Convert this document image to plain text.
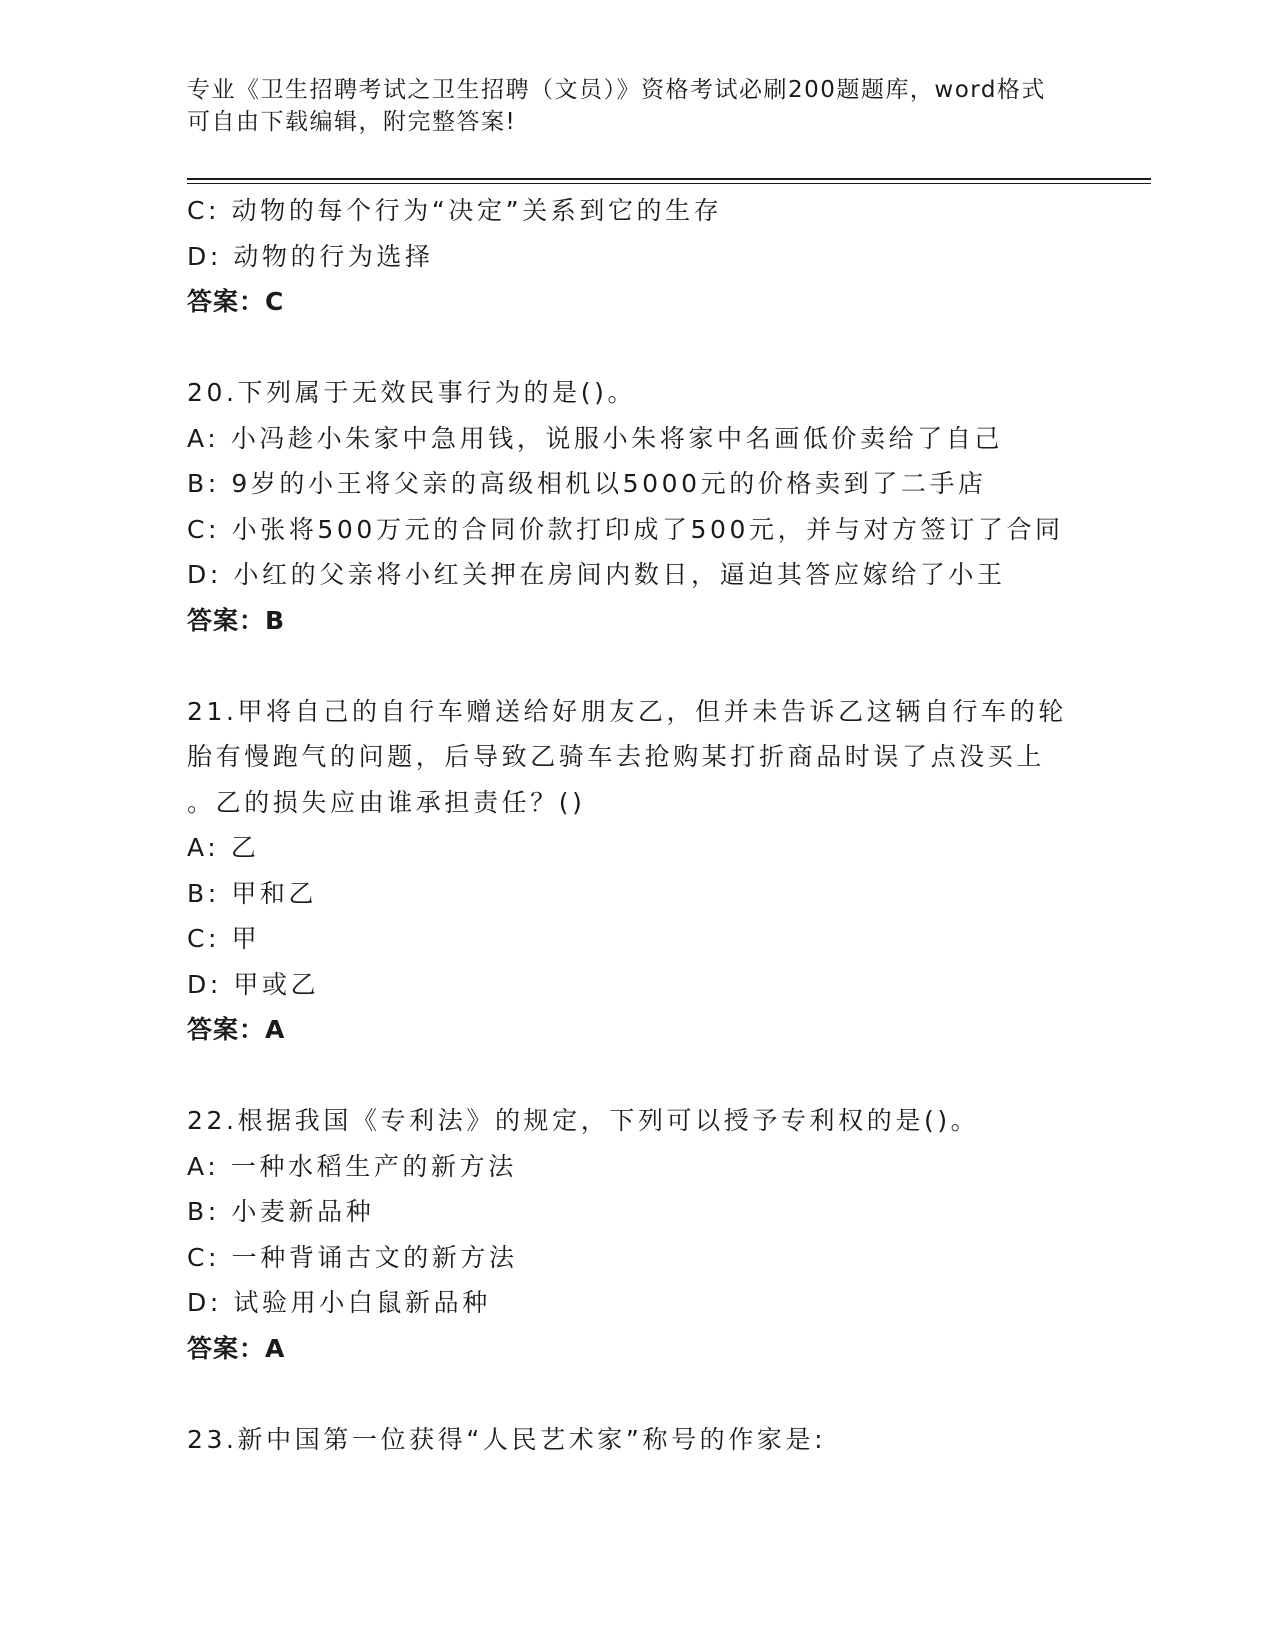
专业《卫生招聘考试之卫生招聘（文员）》资格考试必刷200题题库，word格式
可自由下载编辑，附完整答案!
C: 动物的每个行为“决定”关系到它的生存
D: 动物的行为选择
答案：C
20.下列属于无效民事行为的是()。
A: 小冯趁小朱家中急用钱，说服小朱将家中名画低价卖给了自己
B: 9岁的小王将父亲的高级相机以5000元的价格卖到了二手店
C: 小张将500万元的合同价款打印成了500元，并与对方签订了合同
D: 小红的父亲将小红关押在房间内数日，逼迫其答应嫁给了小王
答案：B
21.甲将自己的自行车赠送给好朋友乙，但并未告诉乙这辆自行车的轮
胎有慢跑气的问题，后导致乙骑车去抢购某打折商品时误了点没买上
。乙的损失应由谁承担责任？()
A: 乙
B: 甲和乙
C: 甲
D: 甲或乙
答案：A
22.根据我国《专利法》的规定，下列可以授予专利权的是()。
A: 一种水稻生产的新方法
B: 小麦新品种
C: 一种背诵古文的新方法
D: 试验用小白鼠新品种
答案：A
23.新中国第一位获得“人民艺术家”称号的作家是:
